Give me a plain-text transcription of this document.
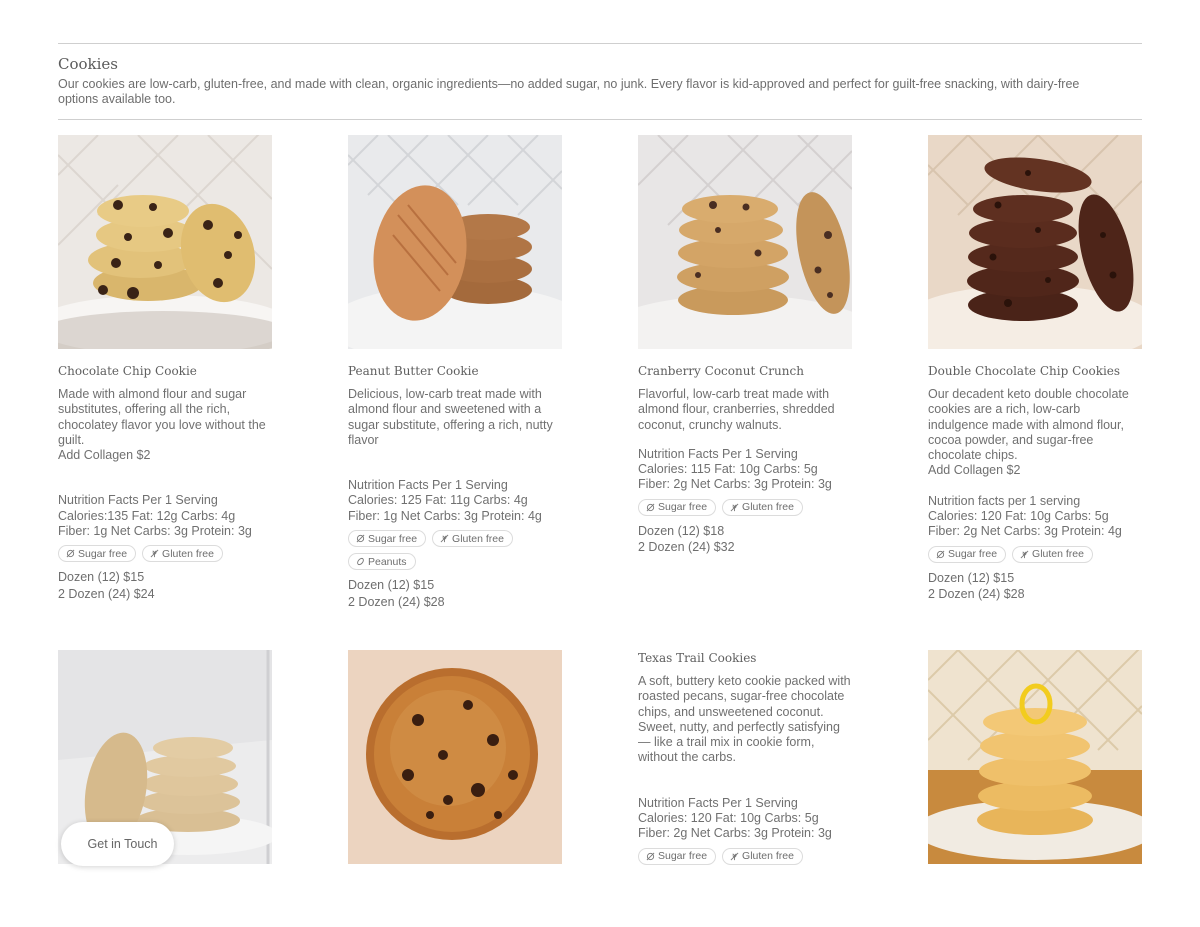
Cookies

Our cookies are low-carb, gluten-free, and made with clean, organic ingredients—no added sugar, no junk. Every flavor is kid-approved and perfect for guilt-free snacking, with dairy-free options available too.

Chocolate Chip Cookie

Made with almond flour and sugar substitutes, offering all the rich, chocolatey flavor you love without the guilt.

Add Collagen $2

Nutrition Facts Per 1 Serving

Calories:135 Fat: 12g Carbs: 4g

Fiber: 1g Net Carbs: 3g Protein: 3g

Sugar free	Gluten free

Dozen (12) $15

2 Dozen (24) $24

Peanut Butter Cookie

Delicious, low-carb treat made with almond flour and sweetened with a sugar substitute, offering a rich, nutty flavor

Nutrition Facts Per 1 Serving

Calories: 125 Fat: 11g Carbs: 4g

Fiber: 1g Net Carbs: 3g Protein: 4g

Sugar free	Gluten free
Peanuts

Dozen (12) $15

2 Dozen (24) $28

Cranberry Coconut Crunch

Flavorful, low-carb treat made with almond flour, cranberries, shredded coconut, crunchy walnuts.

Nutrition Facts Per 1 Serving

Calories: 115 Fat: 10g Carbs: 5g

Fiber: 2g Net Carbs: 3g Protein: 3g

Sugar free	Gluten free

Dozen (12) $18

2 Dozen (24) $32

Double Chocolate Chip Cookies

Our decadent keto double chocolate cookies are a rich, low-carb indulgence made with almond flour, cocoa powder, and sugar-free chocolate chips.

Add Collagen $2

Nutrition facts per 1 serving

Calories: 120 Fat: 10g Carbs: 5g

Fiber: 2g Net Carbs: 3g Protein: 4g

Sugar free	Gluten free

Dozen (12) $15

2 Dozen (24) $28

Texas Trail Cookies

A soft, buttery keto cookie packed with roasted pecans, sugar-free chocolate chips, and unsweetened coconut. Sweet, nutty, and perfectly satisfying — like a trail mix in cookie form, without the carbs.

Nutrition Facts Per 1 Serving

Calories: 120 Fat: 10g Carbs: 5g

Fiber: 2g Net Carbs: 3g Protein: 3g

Sugar free	Gluten free
Get in Touch
